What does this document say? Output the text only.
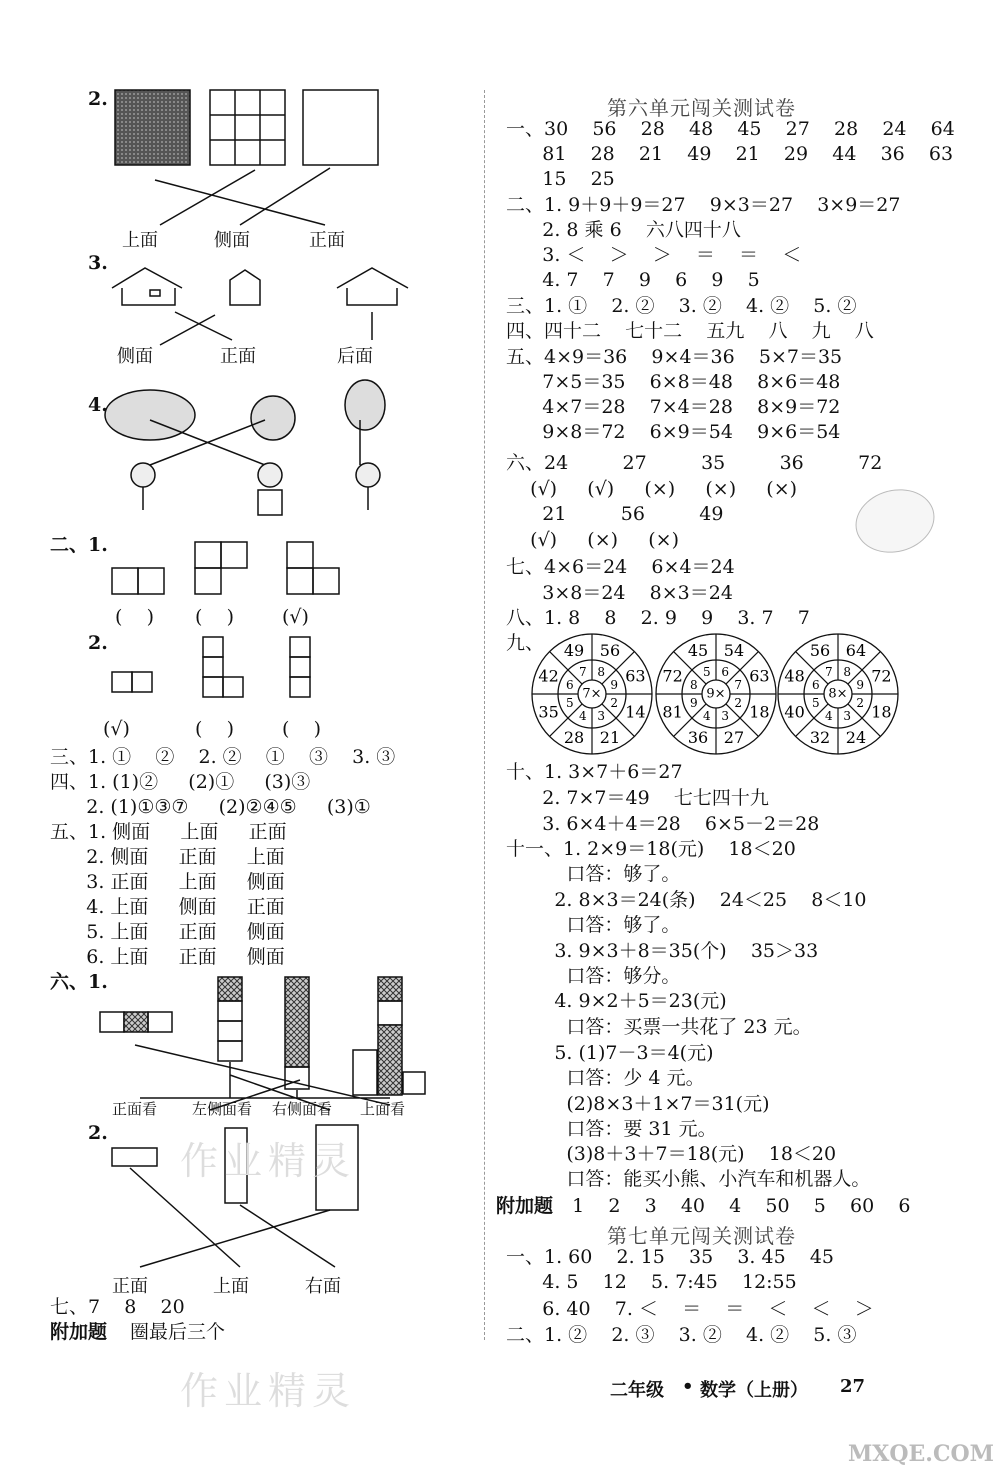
2.
上面	侧面	正面
3.
侧面	正面	后面
4.
二、1.
(    ) (    )	(√)
2.
(√)	(    )	(    )
三、1. ①    ②    2. ②    ①    ③    3. ③
四、1. (1)②     (2)①     (3)③
2. (1)①③⑦     (2)②④⑤     (3)①
五、1. 侧面     上面     正面
2. 侧面     正面     上面
3. 正面     上面     侧面
4. 上面     侧面     正面
5. 上面     正面     侧面
6. 上面     正面     侧面
六、1.
正面看 左侧面看 右侧面看 上面看
2.
作业精灵
正面	上面	右面
七、7    8    20
附加题 圈最后三个
作业精灵
第六单元闯关测试卷
一、30    56    28    48    45    27    28    24    64
81    28    21    49    21    29    44    36    63
15    25
二、1. 9＋9＋9＝27    9×3＝27    3×9＝27
2. 8 乘 6    六八四十八
3. ＜    ＞    ＞    ＝    ＝    ＜
4. 7    7    9    6    9    5
三、1. ①    2. ②    3. ②    4. ②    5. ②
四、四十二    七十二    五九    八    九    八
五、4×9＝36    9×4＝36    5×7＝35
7×5＝35    6×8＝48    8×6＝48
4×7＝28    7×4＝28    8×9＝72
9×8＝72    6×9＝54    9×6＝54
六、24         27         35         36         72
(√)     (√)     (×)     (×)     (×)
21         56         49
(√)     (×)     (×)
七、4×6＝24    6×4＝24
3×8＝24    8×3＝24
八、1. 8    8    2. 9    9    3. 7    7
九、
7×
8
9
2
3
4
5
6
7
56
63
14
21
28
35
42
49
9×
6
7
2
3
4
9
8
5
54
63
18
27
36
81
72
45
8×
8
9
2
3
4
5
6
7
64
72
18
24
32
40
48
56
十、1. 3×7＋6＝27
2. 7×7＝49    七七四十九
3. 6×4＋4＝28    6×5－2＝28
十一、1. 2×9＝18(元)    18＜20
口答：够了。
2. 8×3＝24(条)    24＜25    8＜10
口答：够了。
3. 9×3＋8＝35(个)    35＞33
口答：够分。
4. 9×2＋5＝23(元)
口答：买票一共花了 23 元。
5. (1)7－3＝4(元)
口答：少 4 元。
(2)8×3＋1×7＝31(元)
口答：要 31 元。
(3)8＋3＋7＝18(元)    18＜20
口答：能买小熊、小汽车和机器人。
附加题 1    2    3    40    4    50    5    60    6
第七单元闯关测试卷
一、1. 60    2. 15    35    3. 45    45
4. 5    12    5. 7:45    12:55
6. 40    7. ＜    ＝    ＝    ＜    ＜    ＞
二、1. ②    2. ③    3. ②    4. ②    5. ③
二年级 • 数学（上册） 27
MXQE.COM
